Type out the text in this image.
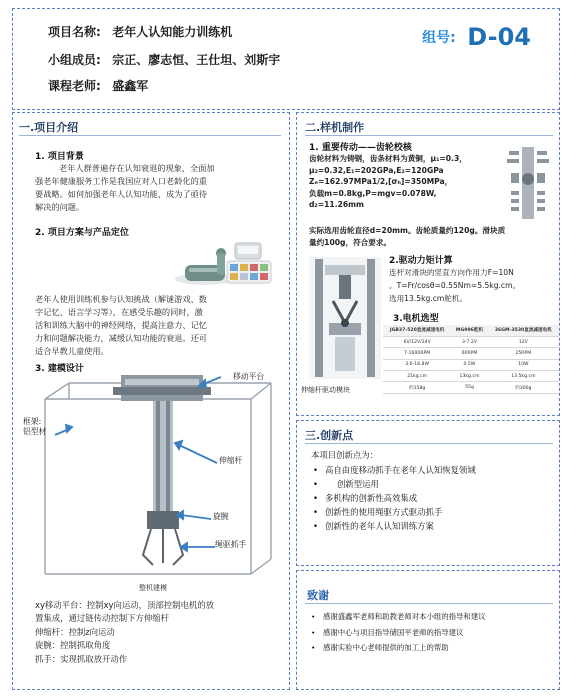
项目名称: 老年人认知能力训练机
小组成员: 宗正、廖志恒、王仕坦、刘斯宇
课程老师: 盛鑫军
组号: D-04
一.项目介绍
1. 项目背景
老年人群普遍存在认知衰退的现象，全面加
强老年健康服务工作是我国应对人口老龄化的重
要战略。如何加强老年人认知功能，成为了亟待
解决的问题。
2. 项目方案与产品定位
老年人使用训练机参与认知挑战（解谜游戏、数
字记忆、语言学习等），在感受乐趣的同时，激
活和训练大脑中的神经网络，提高注意力、记忆
力和问题解决能力，减缓认知功能的衰退。还可
适合早教儿童使用。
3. 建模设计
移动平台
框架:
铝型材
伸缩杆
旋腕
绳驱抓手
整机建模
xy移动平台：控制xy向运动，顶部控制电机的放
置集成，通过链传动控制下方伸缩杆
伸缩杆：控制z向运动
旋腕：控制抓取角度
抓手：实现抓取放开动作
二.样机制作
1. 重要传动——齿轮校核
齿轮材料为铸钢，齿条材料为黄铜，μ₁=0.3，
μ₂=0.32,E₁=202GPa,E₂=120GPa
Zₑ=162.97MPa1/2,[σₕ]=350MPa，
负载m=0.8kg,P=mgv=0.078W,
d₂=11.26mm
实际选用齿轮直径d=20mm。齿轮质量约120g。滑块质
量约100g，符合要求。
伸缩杆驱动模块
2.驱动力矩计算
连杆对滑块的竖直方向作用力F=10N
。T=Fr/cosθ=0.55Nm=5.5kg.cm。
选用13.5kg.cm舵机。
3.电机选型
JGB37-520直流减速电机	MG996舵机	36GM-3530直流减速电机
6V/12V/24V	3-7.2V	12V
7-1600RPM	60RPM	25RPM
3.6-18.8W	0.5W	10W
21kg.cm	13kg.cm	13.5kg.cm
约158g	55g	约300g
三.创新点
本项目创新点为：
• 高自由度移动抓手在老年人认知恢复领域
• 创新型运用
• 多机构的创新性高效集成
• 创新性的使用绳驱方式驱动抓手
• 创新性的老年人认知训练方案
致谢
• 感谢盛鑫军老师和助教老师对本小组的指导和建议
• 感谢中心与项目指导储国平老师的指导建议
• 感谢实验中心老师提供的加工上的帮助
